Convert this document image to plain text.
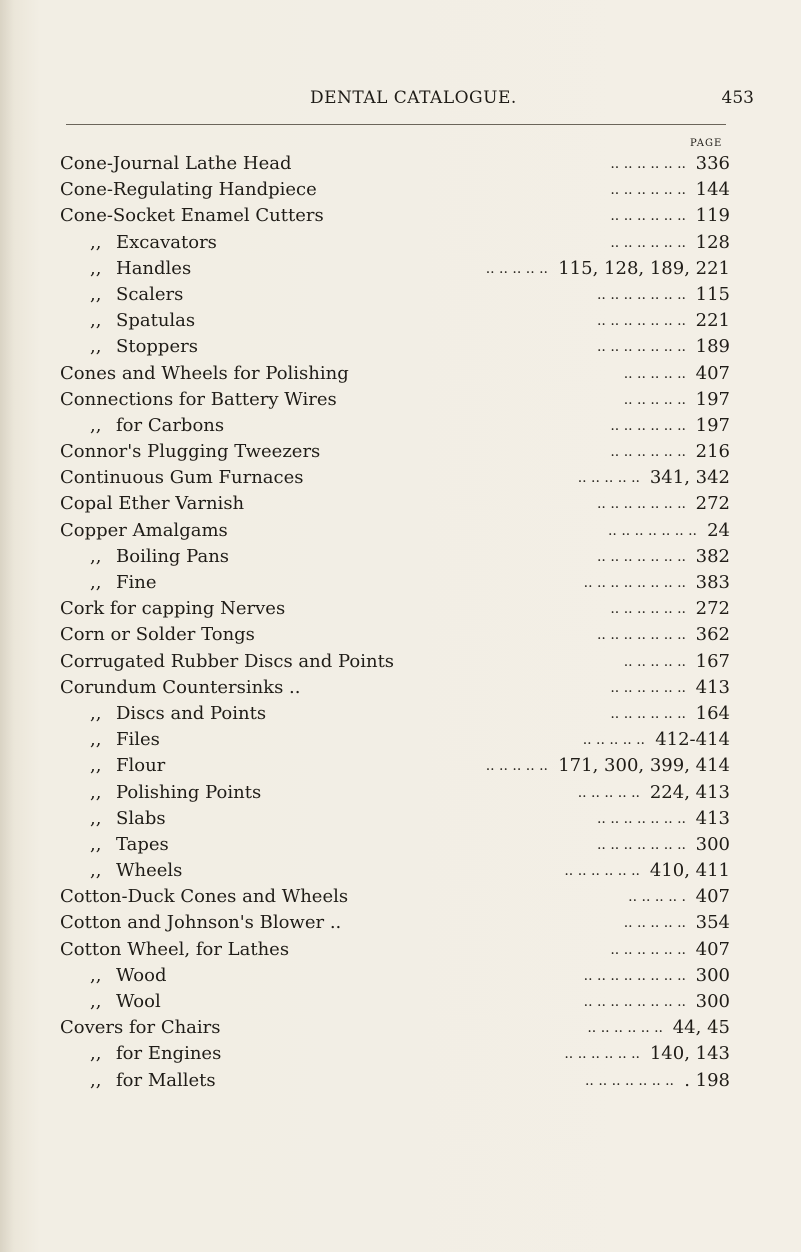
DENTAL CATALOGUE.	453
PAGE
.. .. .. .. .. ..
Cone-Journal Lathe Head	336
.. .. .. .. .. ..
Cone-Regulating Handpiece	144
.. .. .. .. .. ..
Cone-Socket Enamel Cutters	119
.. .. .. .. .. ..
,, Excavators	128
.. .. .. .. ..
,, Handles	115, 128, 189, 221
.. .. .. .. .. .. ..
,, Scalers	115
.. .. .. .. .. .. ..
,, Spatulas	221
.. .. .. .. .. .. ..
,, Stoppers	189
.. .. .. .. ..
Cones and Wheels for Polishing	407
.. .. .. .. ..
Connections for Battery Wires	197
.. .. .. .. .. ..
,, for Carbons	197
.. .. .. .. .. ..
Connor's Plugging Tweezers	216
.. .. .. .. ..
Continuous Gum Furnaces	341, 342
.. .. .. .. .. .. ..
Copal Ether Varnish	272
.. .. .. .. .. .. ..
Copper Amalgams	24
.. .. .. .. .. .. ..
,, Boiling Pans	382
.. .. .. .. .. .. .. ..
,, Fine	383
.. .. .. .. .. ..
Cork for capping Nerves	272
.. .. .. .. .. .. ..
Corn or Solder Tongs	362
.. .. .. .. ..
Corrugated Rubber Discs and Points	167
.. .. .. .. .. ..
Corundum Countersinks ..	413
.. .. .. .. .. ..
,, Discs and Points	164
.. .. .. .. ..
,, Files	412-414
.. .. .. .. ..
,, Flour	171, 300, 399, 414
.. .. .. .. ..
,, Polishing Points	224, 413
.. .. .. .. .. .. ..
,, Slabs	413
.. .. .. .. .. .. ..
,, Tapes	300
.. .. .. .. .. ..
,, Wheels	410, 411
.. .. .. .. .
Cotton-Duck Cones and Wheels	407
.. .. .. .. ..
Cotton and Johnson's Blower ..	354
.. .. .. .. .. ..
Cotton Wheel, for Lathes	407
.. .. .. .. .. .. .. ..
,, Wood	300
.. .. .. .. .. .. .. ..
,, Wool	300
.. .. .. .. .. ..
Covers for Chairs	44, 45
.. .. .. .. .. ..
,, for Engines	140, 143
.. .. .. .. .. .. ..
,, for Mallets	. 198
